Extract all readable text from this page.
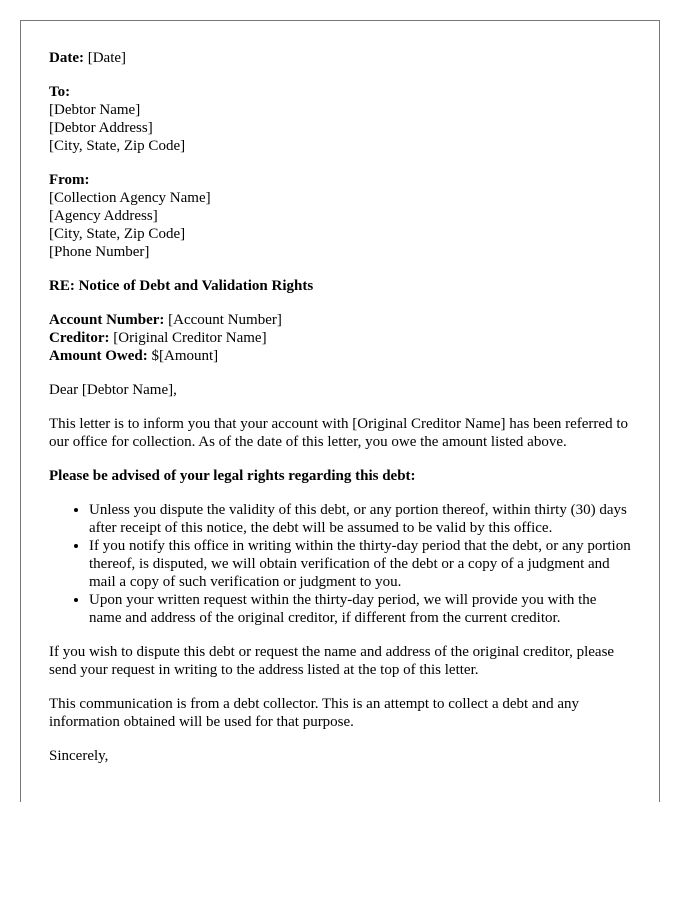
Date: [Date]
To:
[Debtor Name]
[Debtor Address]
[City, State, Zip Code]
From:
[Collection Agency Name]
[Agency Address]
[City, State, Zip Code]
[Phone Number]
RE: Notice of Debt and Validation Rights
Account Number: [Account Number]
Creditor: [Original Creditor Name]
Amount Owed: $[Amount]
Dear [Debtor Name],
This letter is to inform you that your account with [Original Creditor Name] has been referred to our office for collection. As of the date of this letter, you owe the amount listed above.
Please be advised of your legal rights regarding this debt:
• Unless you dispute the validity of this debt, or any portion thereof, within thirty (30) days after receipt of this notice, the debt will be assumed to be valid by this office.
• If you notify this office in writing within the thirty-day period that the debt, or any portion thereof, is disputed, we will obtain verification of the debt or a copy of a judgment and mail a copy of such verification or judgment to you.
• Upon your written request within the thirty-day period, we will provide you with the name and address of the original creditor, if different from the current creditor.
If you wish to dispute this debt or request the name and address of the original creditor, please send your request in writing to the address listed at the top of this letter.
This communication is from a debt collector. This is an attempt to collect a debt and any information obtained will be used for that purpose.
Sincerely,
